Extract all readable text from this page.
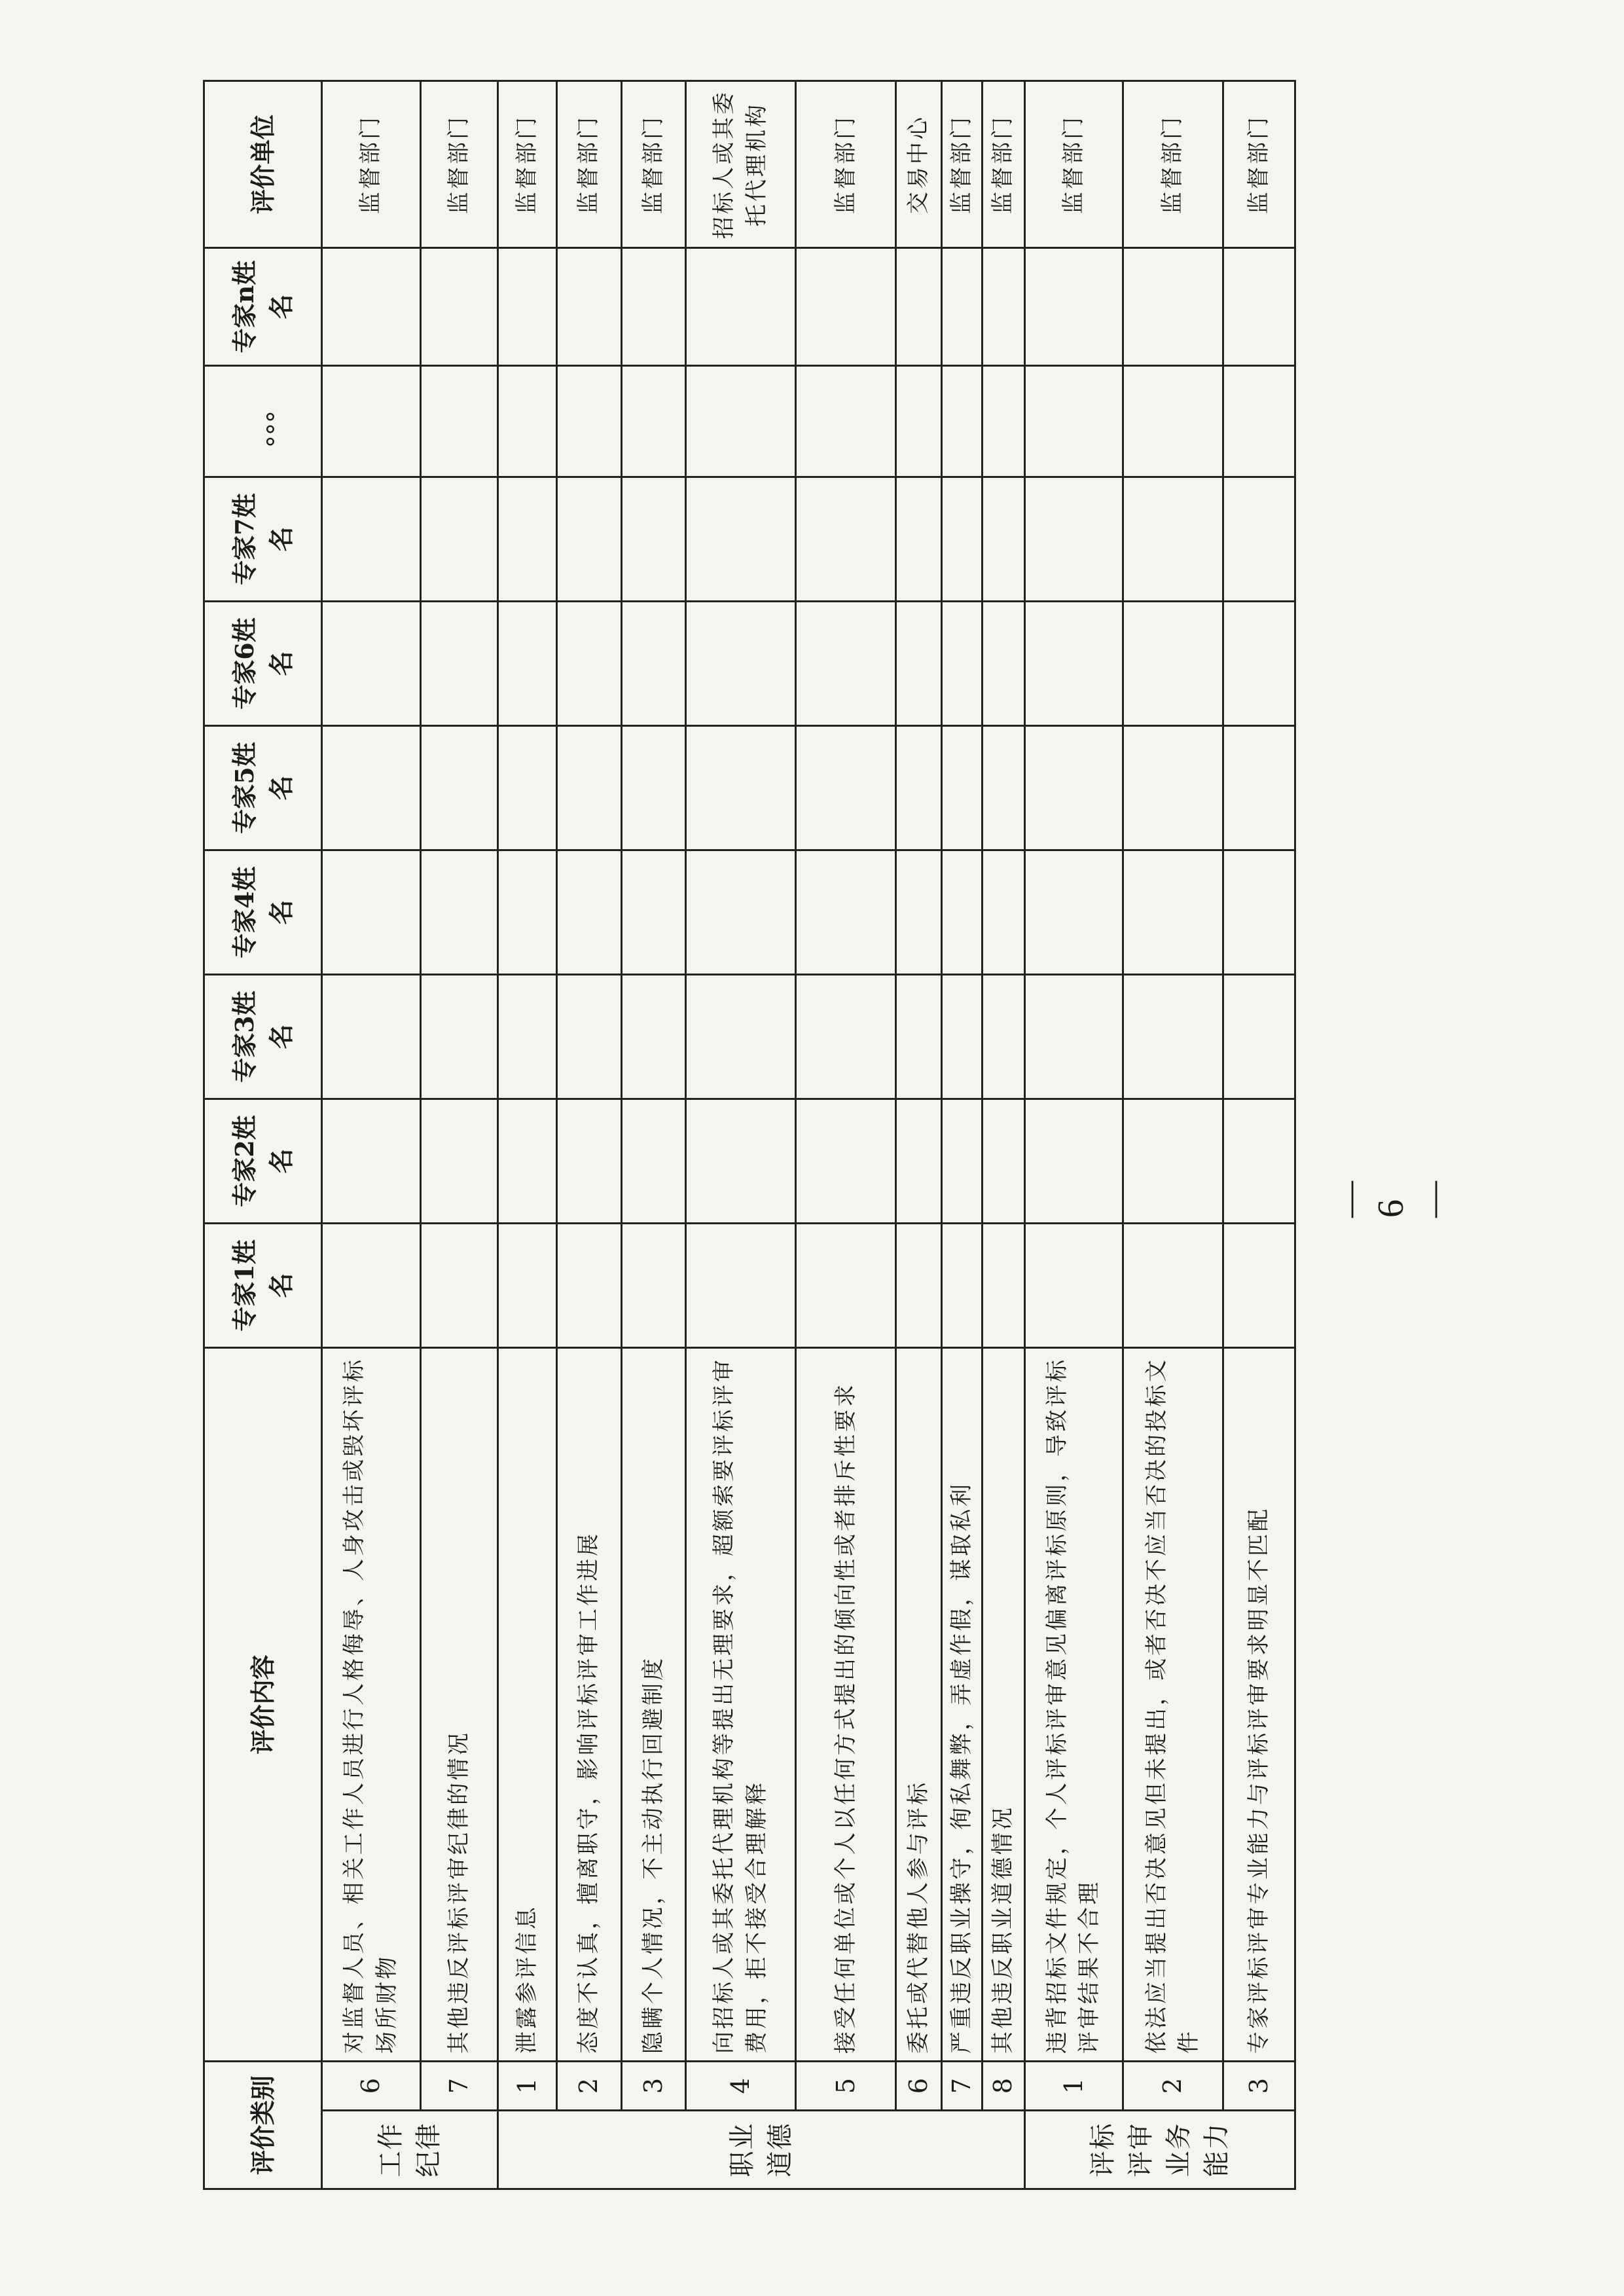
评价类别		评价内容	专家1姓名	专家2姓名	专家3姓名	专家4姓名	专家5姓名	专家6姓名	专家7姓名	。。。	专家n姓名	评价单位
工作纪律	6	对监督人员、相关工作人员进行人格侮辱、人身攻击或毁坏评标场所财物										监督部门
	7	其他违反评标评审纪律的情况										监督部门
职业道德	1	泄露参评信息										监督部门
	2	态度不认真，擅离职守，影响评标评审工作进展										监督部门
	3	隐瞒个人情况，不主动执行回避制度										监督部门
	4	向招标人或其委托代理机构等提出无理要求，超额索要评标评审费用，拒不接受合理解释										招标人或其委托代理机构
	5	接受任何单位或个人以任何方式提出的倾向性或者排斥性要求										监督部门
	6	委托或代替他人参与评标										交易中心
	7	严重违反职业操守，徇私舞弊，弄虚作假，谋取私利										监督部门
	8	其他违反职业道德情况										监督部门
评标评审业务能力	1	违背招标文件规定，个人评标评审意见偏离评标原则，导致评标评审结果不合理										监督部门
	2	依法应当提出否决意见但未提出，或者否决不应当否决的投标文件										监督部门
	3	专家评标评审专业能力与评标评审要求明显不匹配										监督部门
— 6 —
